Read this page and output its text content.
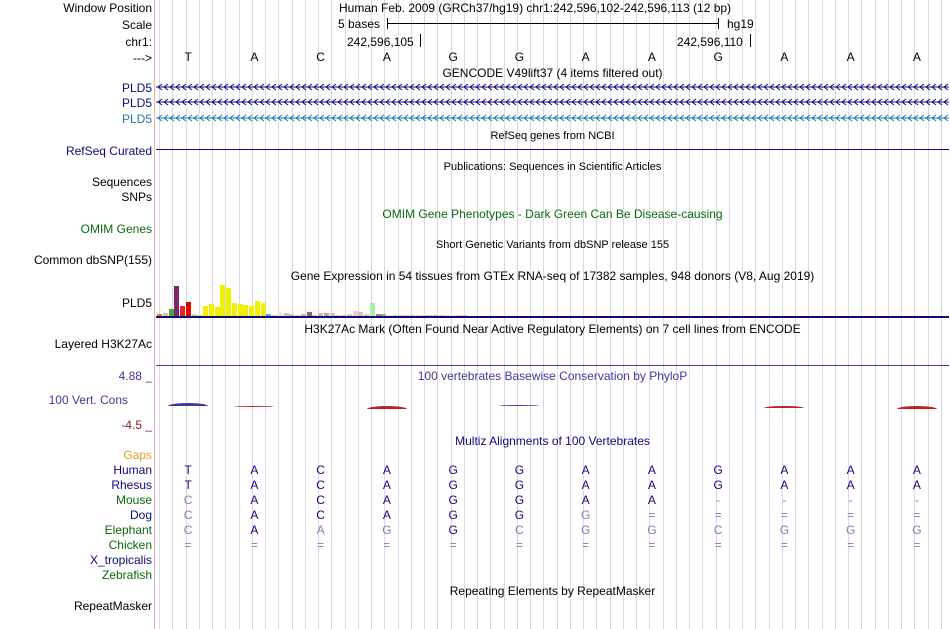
Window Position	Human Feb. 2009 (GRCh37/hg19) chr1:242,596,102-242,596,113 (12 bp)
Scale	5 bases	hg19
chr1:	242,596,105	242,596,110
--->	T	A	C	A	G	G	A	A	G	A	A	A
GENCODE V49lift37 (4 items filtered out)
PLD5
PLD5
PLD5
RefSeq genes from NCBI
RefSeq Curated
Publications: Sequences in Scientific Articles
Sequences
SNPs
OMIM Gene Phenotypes - Dark Green Can Be Disease-causing
OMIM Genes
Short Genetic Variants from dbSNP release 155
Common dbSNP(155)
Gene Expression in 54 tissues from GTEx RNA-seq of 17382 samples, 948 donors (V8, Aug 2019)
PLD5
H3K27Ac Mark (Often Found Near Active Regulatory Elements) on 7 cell lines from ENCODE
Layered H3K27Ac
100 vertebrates Basewise Conservation by PhyloP
4.88 _
100 Vert. Cons
-4.5 _
Multiz Alignments of 100 Vertebrates
Gaps
Human	T	A	C	A	G	G	A	A	G	A	A	A
Rhesus	T	A	C	A	G	G	A	A	G	A	A	A
Mouse	C	A	C	A	G	G	A	A	-	-	-	-
Dog	C	A	C	A	G	G	G	=	=	=	=	=
Elephant	C	A	A	G	G	C	G	G	C	G	G	G
Chicken	=	=	=	=	=	=	=	=	=	=	=	=
X_tropicalis
Zebrafish
Repeating Elements by RepeatMasker
RepeatMasker
